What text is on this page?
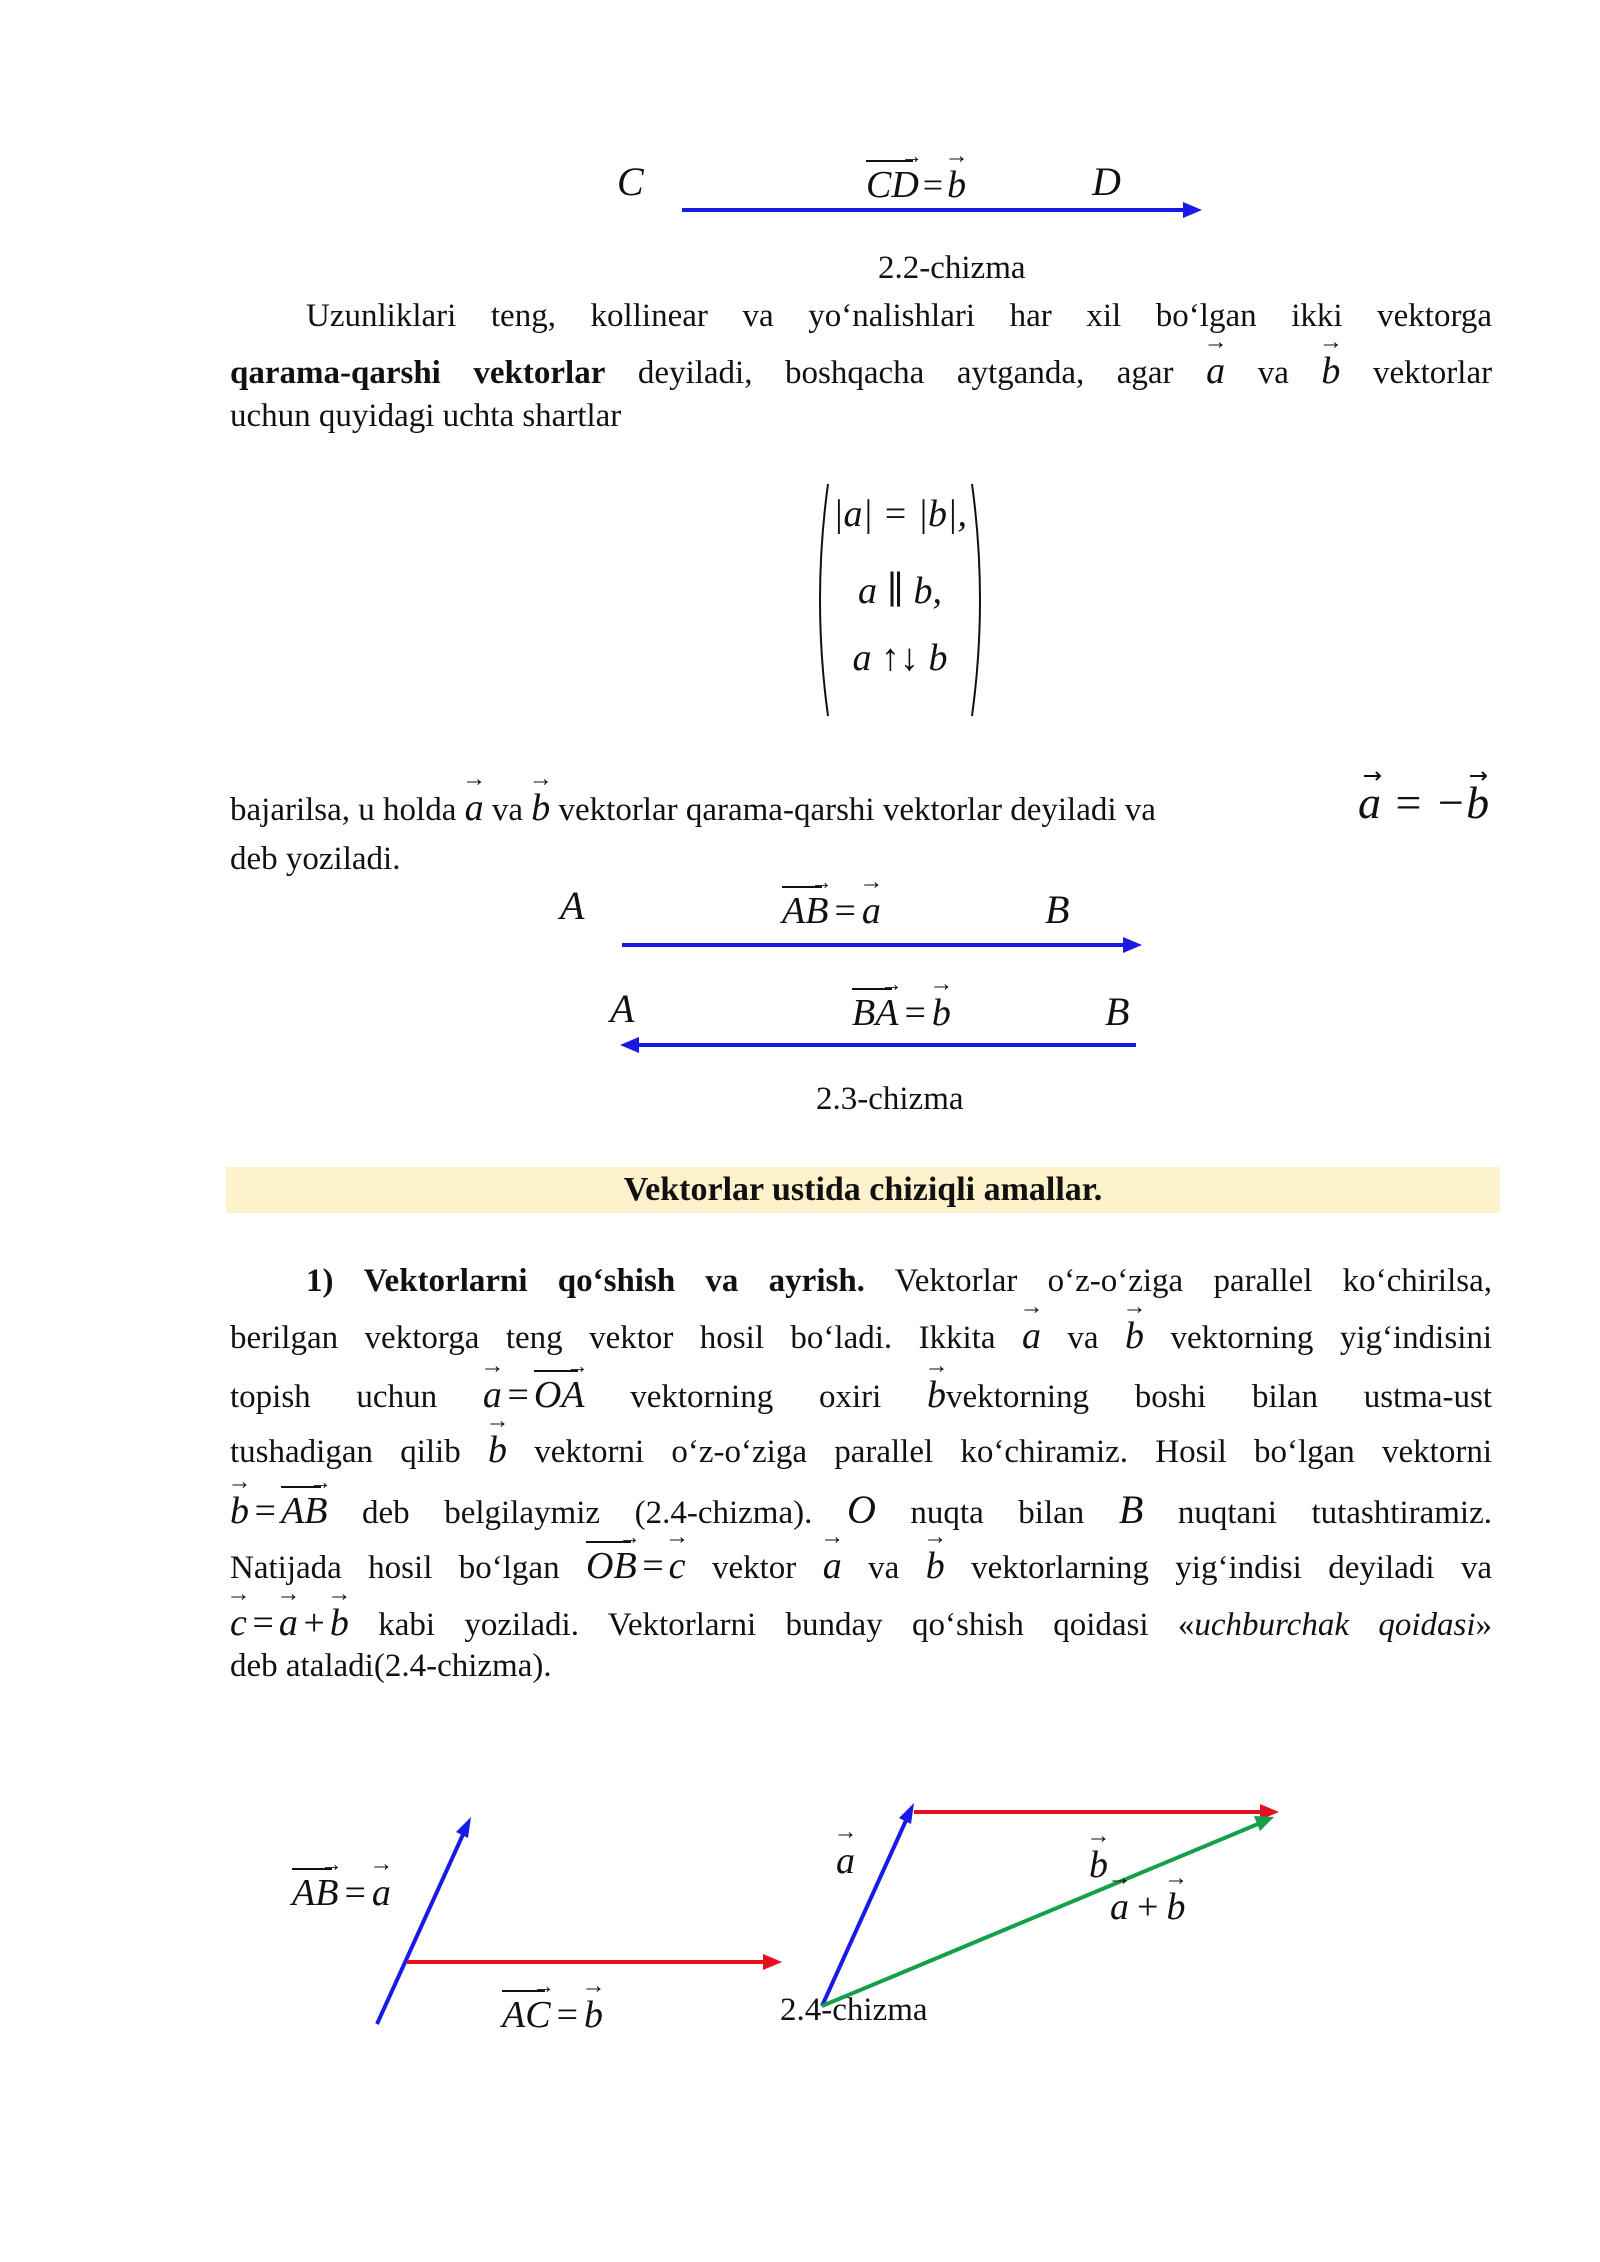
C	CD → = b →	D
2.2-chizma
Uzunliklari teng, kollinear va yo‘nalishlari har xil bo‘lgan ikki vektorga
qarama-qarshi vektorlar deyiladi, boshqacha aytganda, agar a → va b → vektorlar
uchun quyidagi uchta shartlar
|a| = |b|,
a ∥ b,
a ↑↓ b
bajarilsa, u holda a → va b → vektorlar qarama-qarshi vektorlar deyiladi va	a = −b
deb yoziladi.
A	AB → = a →	B
A	BA → = b →	B
2.3-chizma
Vektorlar ustida chiziqli amallar.
1) Vektorlarni qo‘shish va ayrish. Vektorlar o‘z-o‘ziga parallel ko‘chirilsa,
berilgan vektorga teng vektor hosil bo‘ladi. Ikkita a → va b → vektorning yig‘indisini
topish uchun a → = OA → vektorning oxiri b →vektorning boshi bilan ustma-ust
tushadigan qilib b → vektorni o‘z-o‘ziga parallel ko‘chiramiz. Hosil bo‘lgan vektorni
b → = AB → deb belgilaymiz (2.4-chizma). O nuqta bilan B nuqtani tutashtiramiz.
Natijada hosil bo‘lgan OB → = c → vektor a → va b → vektorlarning yig‘indisi deyiladi va
c → = a → + b → kabi yoziladi. Vektorlarni bunday qo‘shish qoidasi «uchburchak qoidasi»
deb ataladi(2.4-chizma).
AB → = a →
AC → = b →
a →	b →
a → + b →
2.4-chizma
